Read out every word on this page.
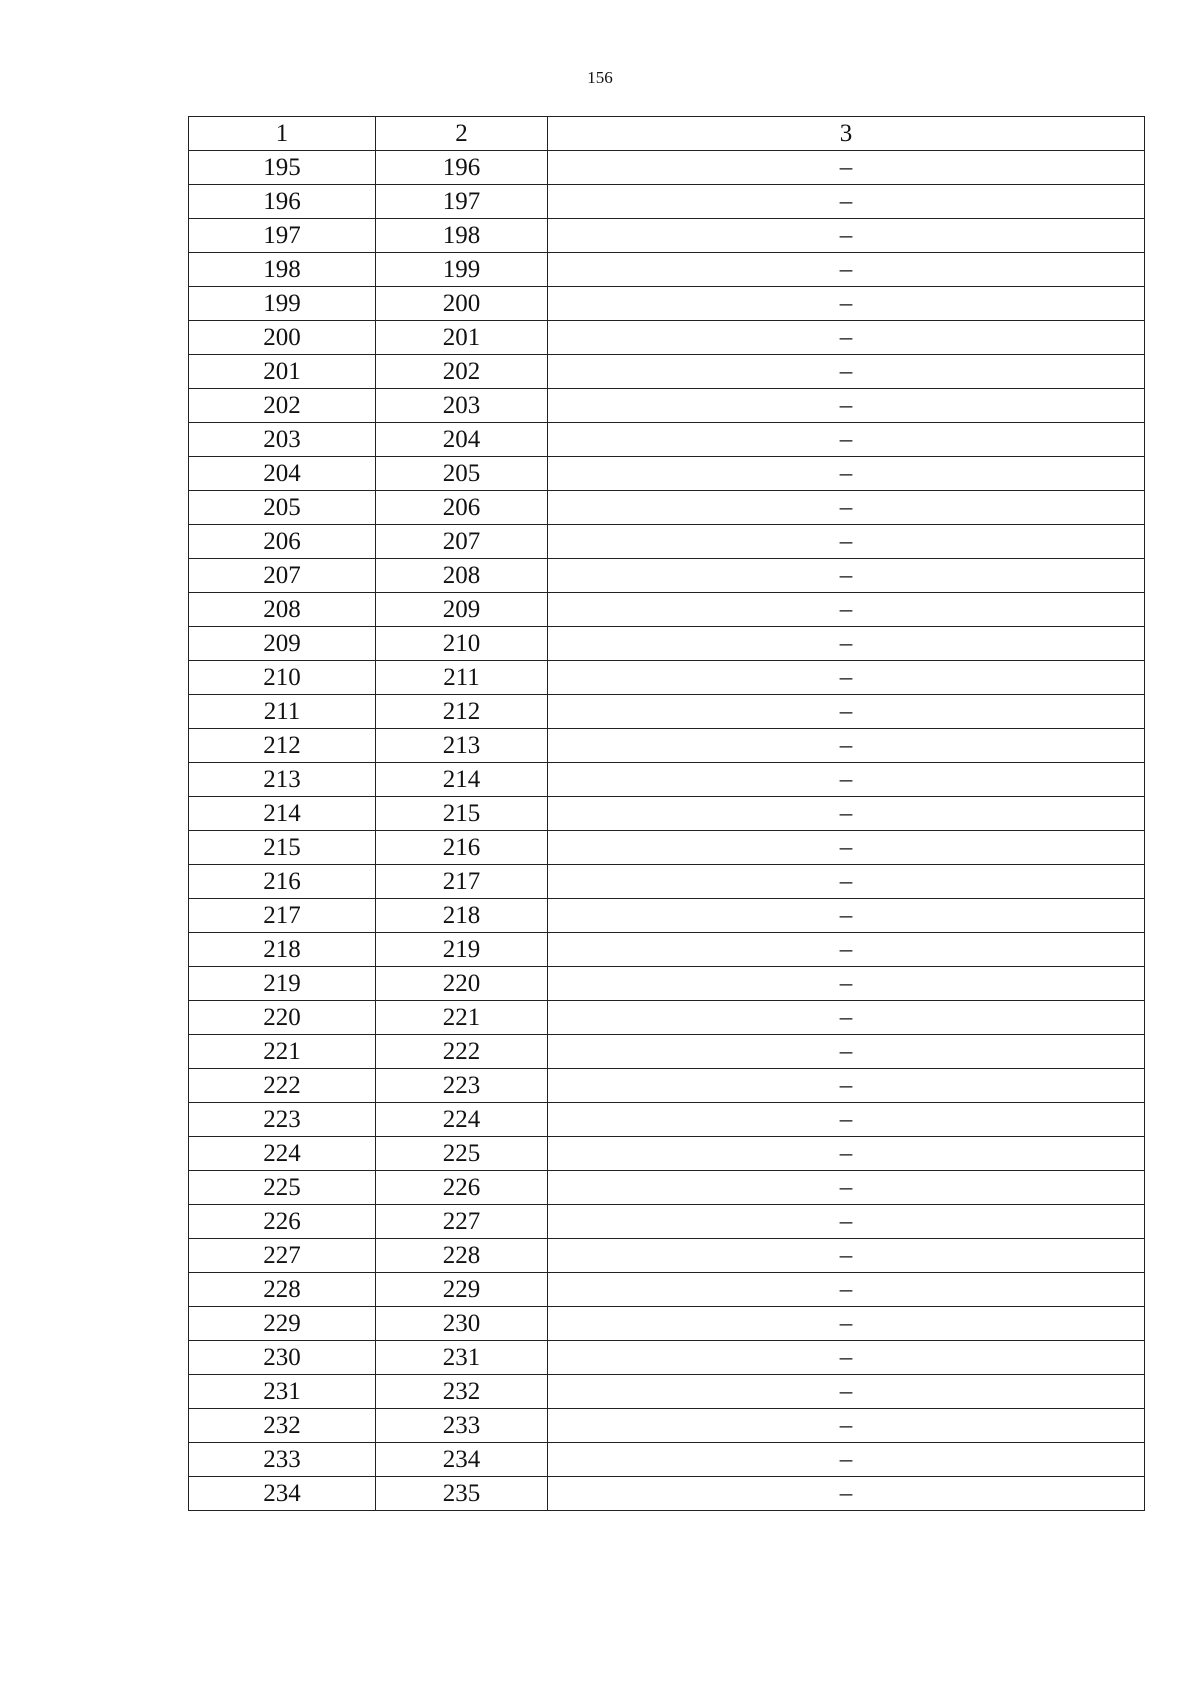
156
1	2	3
195	196	–
196	197	–
197	198	–
198	199	–
199	200	–
200	201	–
201	202	–
202	203	–
203	204	–
204	205	–
205	206	–
206	207	–
207	208	–
208	209	–
209	210	–
210	211	–
211	212	–
212	213	–
213	214	–
214	215	–
215	216	–
216	217	–
217	218	–
218	219	–
219	220	–
220	221	–
221	222	–
222	223	–
223	224	–
224	225	–
225	226	–
226	227	–
227	228	–
228	229	–
229	230	–
230	231	–
231	232	–
232	233	–
233	234	–
234	235	–
